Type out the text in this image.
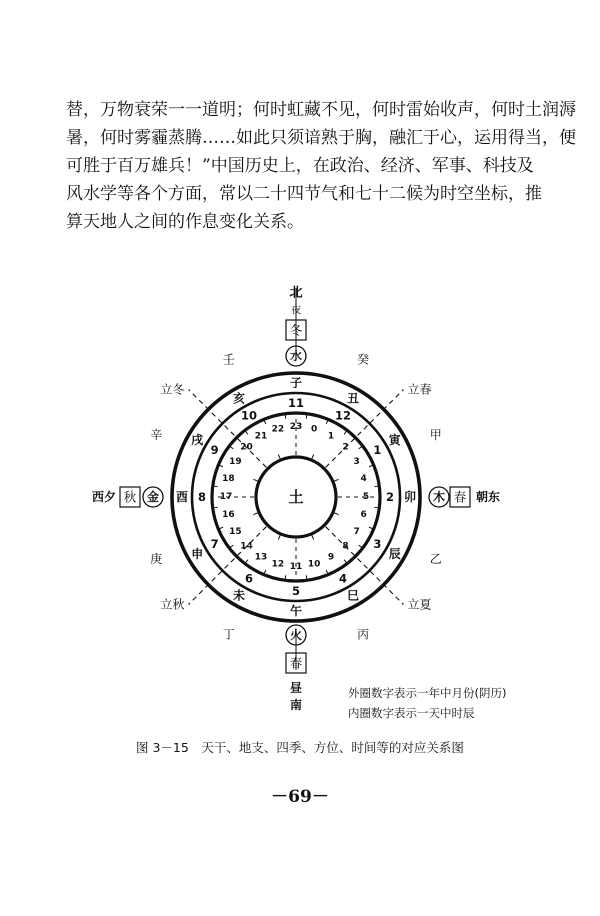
替，万物衰荣一一道明；何时虹藏不见，何时雷始收声，何时土润溽
暑，何时雾霾蒸腾……如此只须谙熟于胸，融汇于心，运用得当，便
可胜于百万雄兵！”中国历史上，在政治、经济、军事、科技及
风水学等各个方面，常以二十四节气和七十二候为时空坐标，推
算天地人之间的作息变化关系。
子
丑
寅
卯
辰
巳
午
未
申
酉
戌
亥	11
12
1
2
3
4
5
6
7
8
9
10
23 0
1
2
3
4
5
6
7
8
9
10
11
12
13
14
15
16
17
18
19
20
21
22
土
壬	癸
甲
乙
丙
丁
庚
辛
立春
立夏
立秋
立冬
北
夜
冬
水
火
春
昼
南
木 春 朝东
西夕 秋 金
外圈数字表示一年中月份(阴历)
内圈数字表示一天中时辰
图 3－15　天干、地支、四季、方位、时间等的对应关系图
－69－
